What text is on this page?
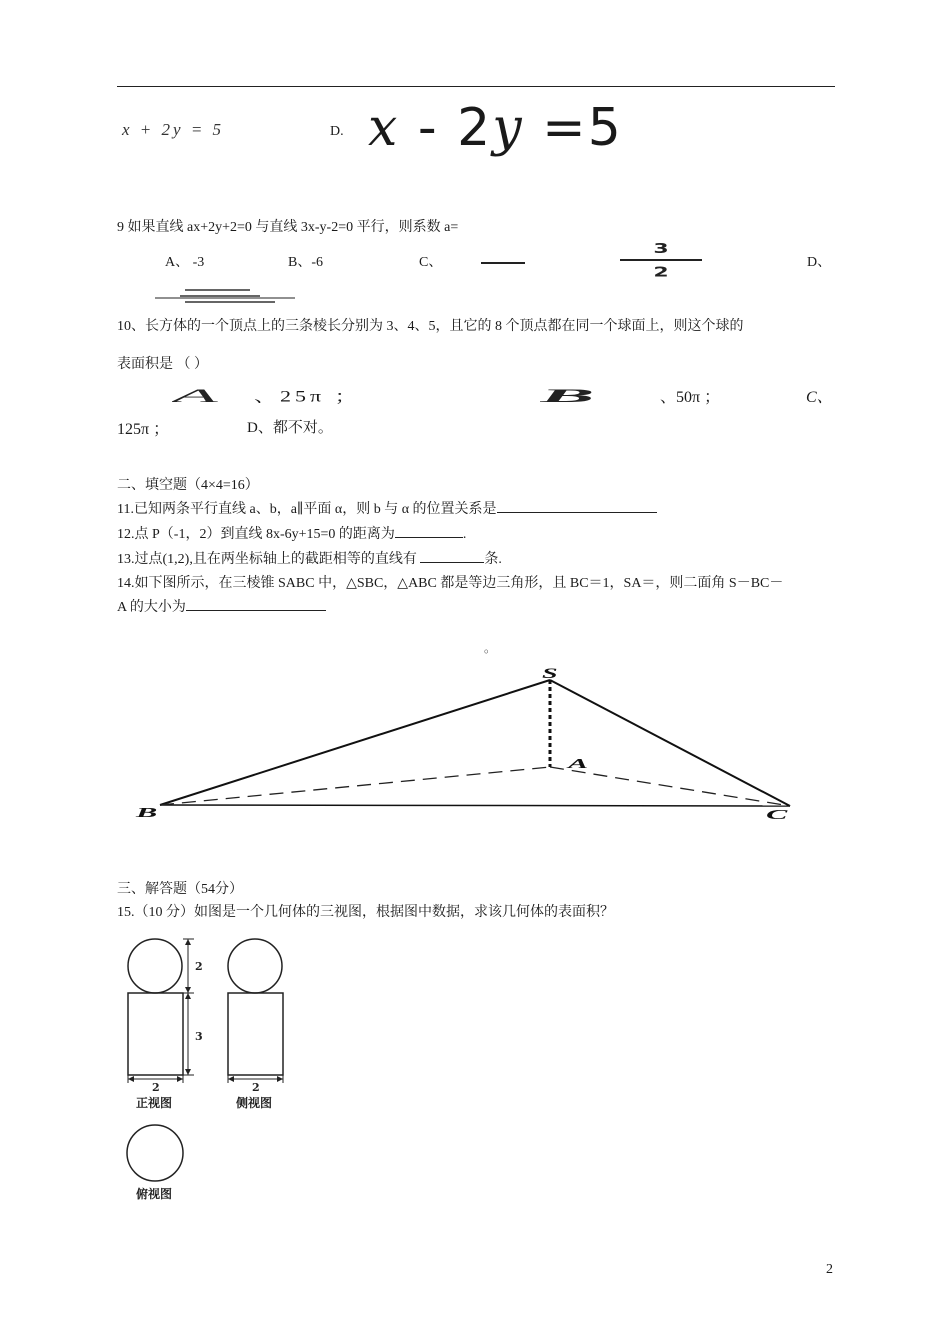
x + 2y = 5	D. x - 2y =5
9 如果直线 ax+2y+2=0 与直线 3x-y-2=0 平行，则系数 a=
A、 -3	B、-6	C、
3
2
D、
10、长方体的一个顶点上的三条棱长分别为 3、4、5，且它的 8 个顶点都在同一个球面上，则这个球的
表面积是 （ ）
A 、25π ；	B	、50π ；	C、
125π ；	D、都不对。
二、填空题（4×4=16）
11.已知两条平行直线 a、b，a∥平面 α，则 b 与 α 的位置关系是
12.点 P（-1，2）到直线 8x-6y+15=0 的距离为	.
13.过点(1,2),且在两坐标轴上的截距相等的直线有	条.
14.如下图所示，在三棱锥 SABC 中，△SBC，△ABC 都是等边三角形，且 BC＝1，SA＝，则二面角 S－BC－
A 的大小为
。
S
A
B	C
三、解答题（54分）
15.（10 分）如图是一个几何体的三视图，根据图中数据，求该几何体的表面积？
2
3
2
正视图
2
侧视图
俯视图
2
